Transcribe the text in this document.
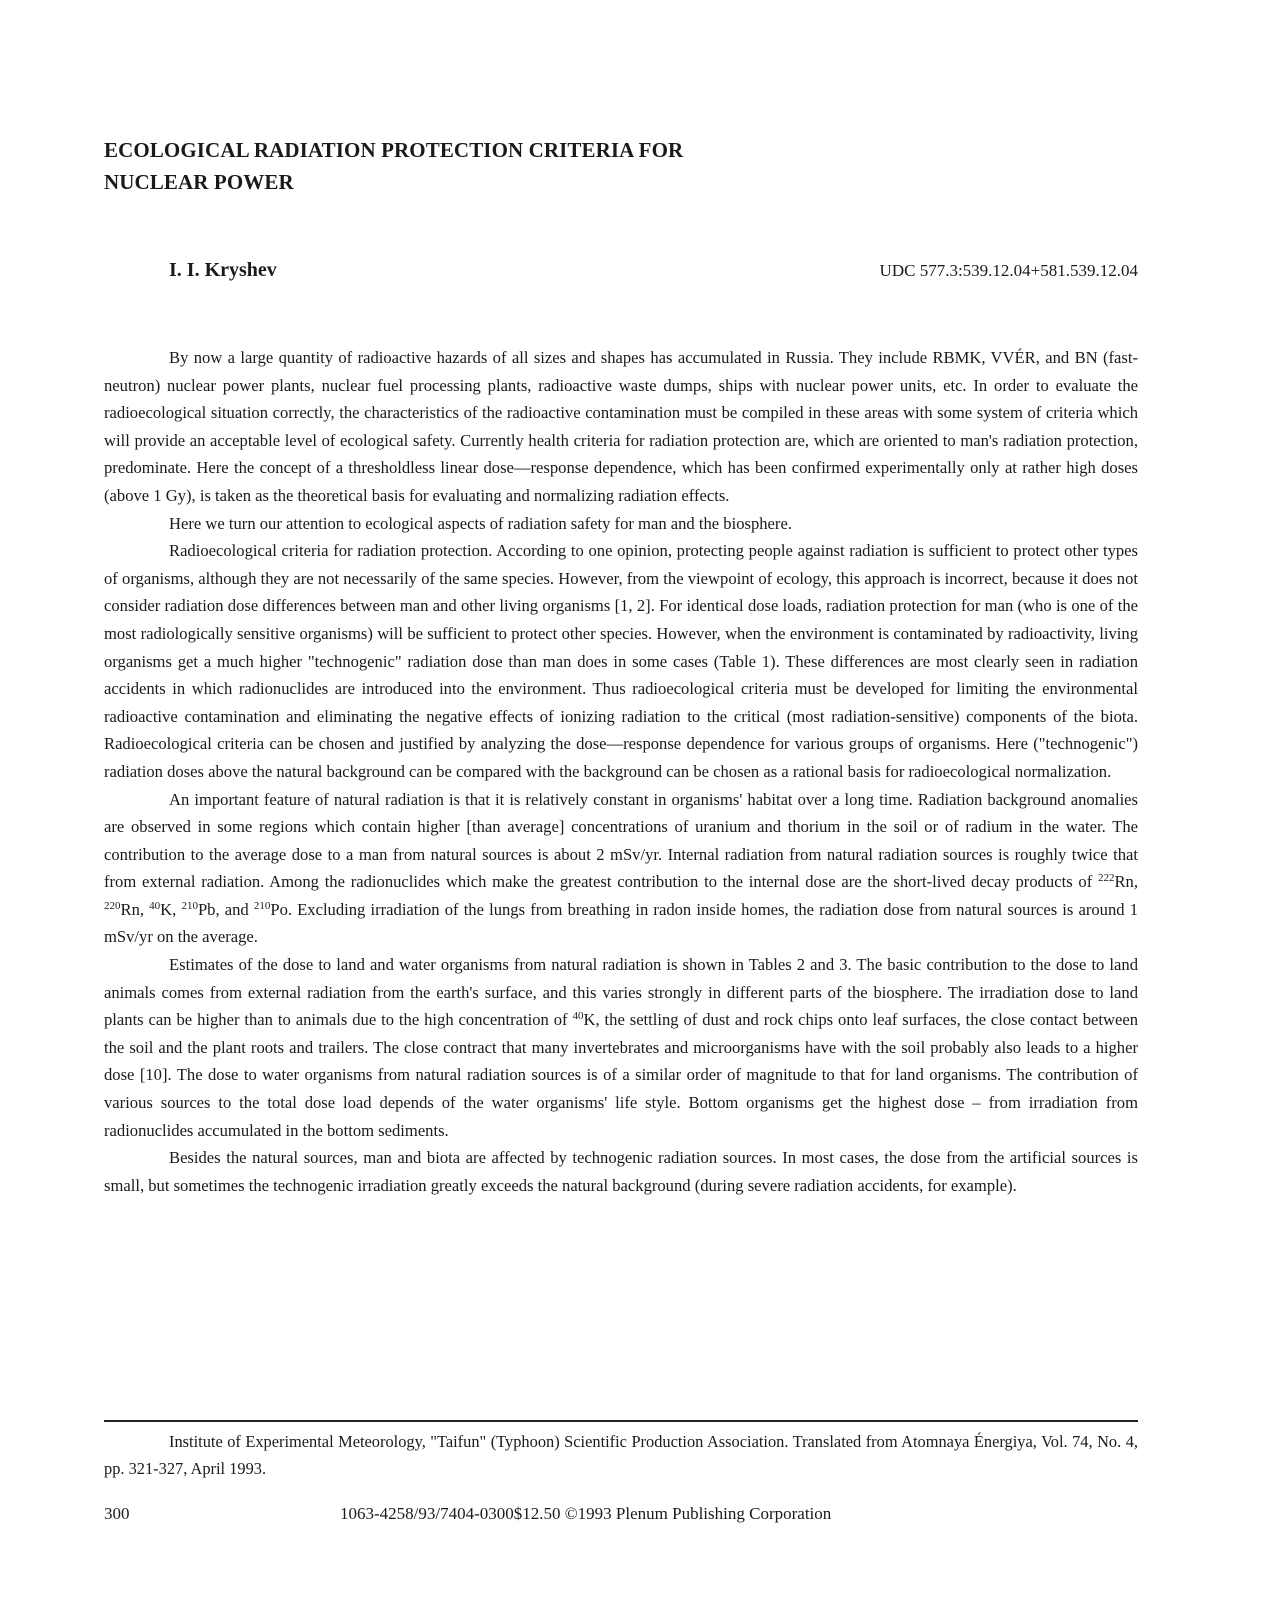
ECOLOGICAL RADIATION PROTECTION CRITERIA FOR
NUCLEAR POWER
I. I. Kryshev	UDC 577.3:539.12.04+581.539.12.04

By now a large quantity of radioactive hazards of all sizes and shapes has accumulated in Russia. They include RBMK, VVÉR, and BN (fast-neutron) nuclear power plants, nuclear fuel processing plants, radioactive waste dumps, ships with nuclear power units, etc. In order to evaluate the radioecological situation correctly, the characteristics of the radioactive contamination must be compiled in these areas with some system of criteria which will provide an acceptable level of ecological safety. Currently health criteria for radiation protection are, which are oriented to man's radiation protection, predominate. Here the concept of a thresholdless linear dose—response dependence, which has been confirmed experimentally only at rather high doses (above 1 Gy), is taken as the theoretical basis for evaluating and normalizing radiation effects.

Here we turn our attention to ecological aspects of radiation safety for man and the biosphere.

Radioecological criteria for radiation protection. According to one opinion, protecting people against radiation is sufficient to protect other types of organisms, although they are not necessarily of the same species. However, from the viewpoint of ecology, this approach is incorrect, because it does not consider radiation dose differences between man and other living organisms [1, 2]. For identical dose loads, radiation protection for man (who is one of the most radiologically sensitive organisms) will be sufficient to protect other species. However, when the environment is contaminated by radioactivity, living organisms get a much higher "technogenic" radiation dose than man does in some cases (Table 1). These differences are most clearly seen in radiation accidents in which radionuclides are introduced into the environment. Thus radioecological criteria must be developed for limiting the environmental radioactive contamination and eliminating the negative effects of ionizing radiation to the critical (most radiation-sensitive) components of the biota. Radioecological criteria can be chosen and justified by analyzing the dose—response dependence for various groups of organisms. Here ("technogenic") radiation doses above the natural background can be compared with the background can be chosen as a rational basis for radioecological normalization.

An important feature of natural radiation is that it is relatively constant in organisms' habitat over a long time. Radiation background anomalies are observed in some regions which contain higher [than average] concentrations of uranium and thorium in the soil or of radium in the water. The contribution to the average dose to a man from natural sources is about 2 mSv/yr. Internal radiation from natural radiation sources is roughly twice that from external radiation. Among the radionuclides which make the greatest contribution to the internal dose are the short-lived decay products of $^{222}$Rn, $^{220}$Rn, $^{40}$K, $^{210}$Pb, and $^{210}$Po. Excluding irradiation of the lungs from breathing in radon inside homes, the radiation dose from natural sources is around 1 mSv/yr on the average.

Estimates of the dose to land and water organisms from natural radiation is shown in Tables 2 and 3. The basic contribution to the dose to land animals comes from external radiation from the earth's surface, and this varies strongly in different parts of the biosphere. The irradiation dose to land plants can be higher than to animals due to the high concentration of $^{40}$K, the settling of dust and rock chips onto leaf surfaces, the close contact between the soil and the plant roots and trailers. The close contract that many invertebrates and microorganisms have with the soil probably also leads to a higher dose [10]. The dose to water organisms from natural radiation sources is of a similar order of magnitude to that for land organisms. The contribution of various sources to the total dose load depends of the water organisms' life style. Bottom organisms get the highest dose – from irradiation from radionuclides accumulated in the bottom sediments.

Besides the natural sources, man and biota are affected by technogenic radiation sources. In most cases, the dose from the artificial sources is small, but sometimes the technogenic irradiation greatly exceeds the natural background (during severe radiation accidents, for example).

Institute of Experimental Meteorology, "Taifun" (Typhoon) Scientific Production Association. Translated from Atomnaya Énergiya, Vol. 74, No. 4, pp. 321-327, April 1993.

300	1063-4258/93/7404-0300$12.50 ©1993 Plenum Publishing Corporation
